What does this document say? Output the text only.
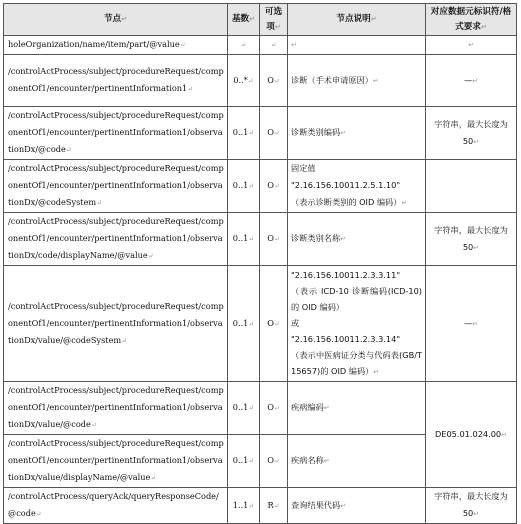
节点↵	基数↵	可选项↵	节点说明↵	对应数据元标识符/格式要求↵
holeOrganization/name/item/part/@value↵	↵	↵	↵	↵
/controlActProcess/subject/procedureRequest/componentOf1/encounter/pertinentInformation1↵	0..*↵	O↵	诊断（手术申请原因）↵	—↵
/controlActProcess/subject/procedureRequest/componentOf1/encounter/pertinentInformation1/observationDx/@code↵	0..1↵	O↵	诊断类别编码↵	字符串，最大长度为 50↵
/controlActProcess/subject/procedureRequest/componentOf1/encounter/pertinentInformation1/observationDx/@codeSystem↵	0..1↵	O↵	固定值
"2.16.156.10011.2.5.1.10"
（表示诊断类别的 OID 编码）↵	
/controlActProcess/subject/procedureRequest/componentOf1/encounter/pertinentInformation1/observationDx/code/displayName/@value↵	0..1↵	O↵	诊断类别名称↵	字符串，最大长度为 50↵
/controlActProcess/subject/procedureRequest/componentOf1/encounter/pertinentInformation1/observationDx/value/@codeSystem↵	0..1↵	O↵	"2.16.156.10011.2.3.3.11"
（表示 ICD-10 诊断编码(ICD-10)的 OID 编码）
或
"2.16.156.10011.2.3.3.14"
（表示中医病证分类与代码表(GB/T 15657)的 OID 编码）↵	—↵
/controlActProcess/subject/procedureRequest/componentOf1/encounter/pertinentInformation1/observationDx/value/@code↵	0..1↵	O↵	疾病编码↵	DE05.01.024.00↵
/controlActProcess/subject/procedureRequest/componentOf1/encounter/pertinentInformation1/observationDx/value/displayName/@value↵	0..1↵	O↵	疾病名称↵	
/controlActProcess/queryAck/queryResponseCode/@code↵	1..1↵	R↵	查询结果代码↵	字符串，最大长度为 50↵
